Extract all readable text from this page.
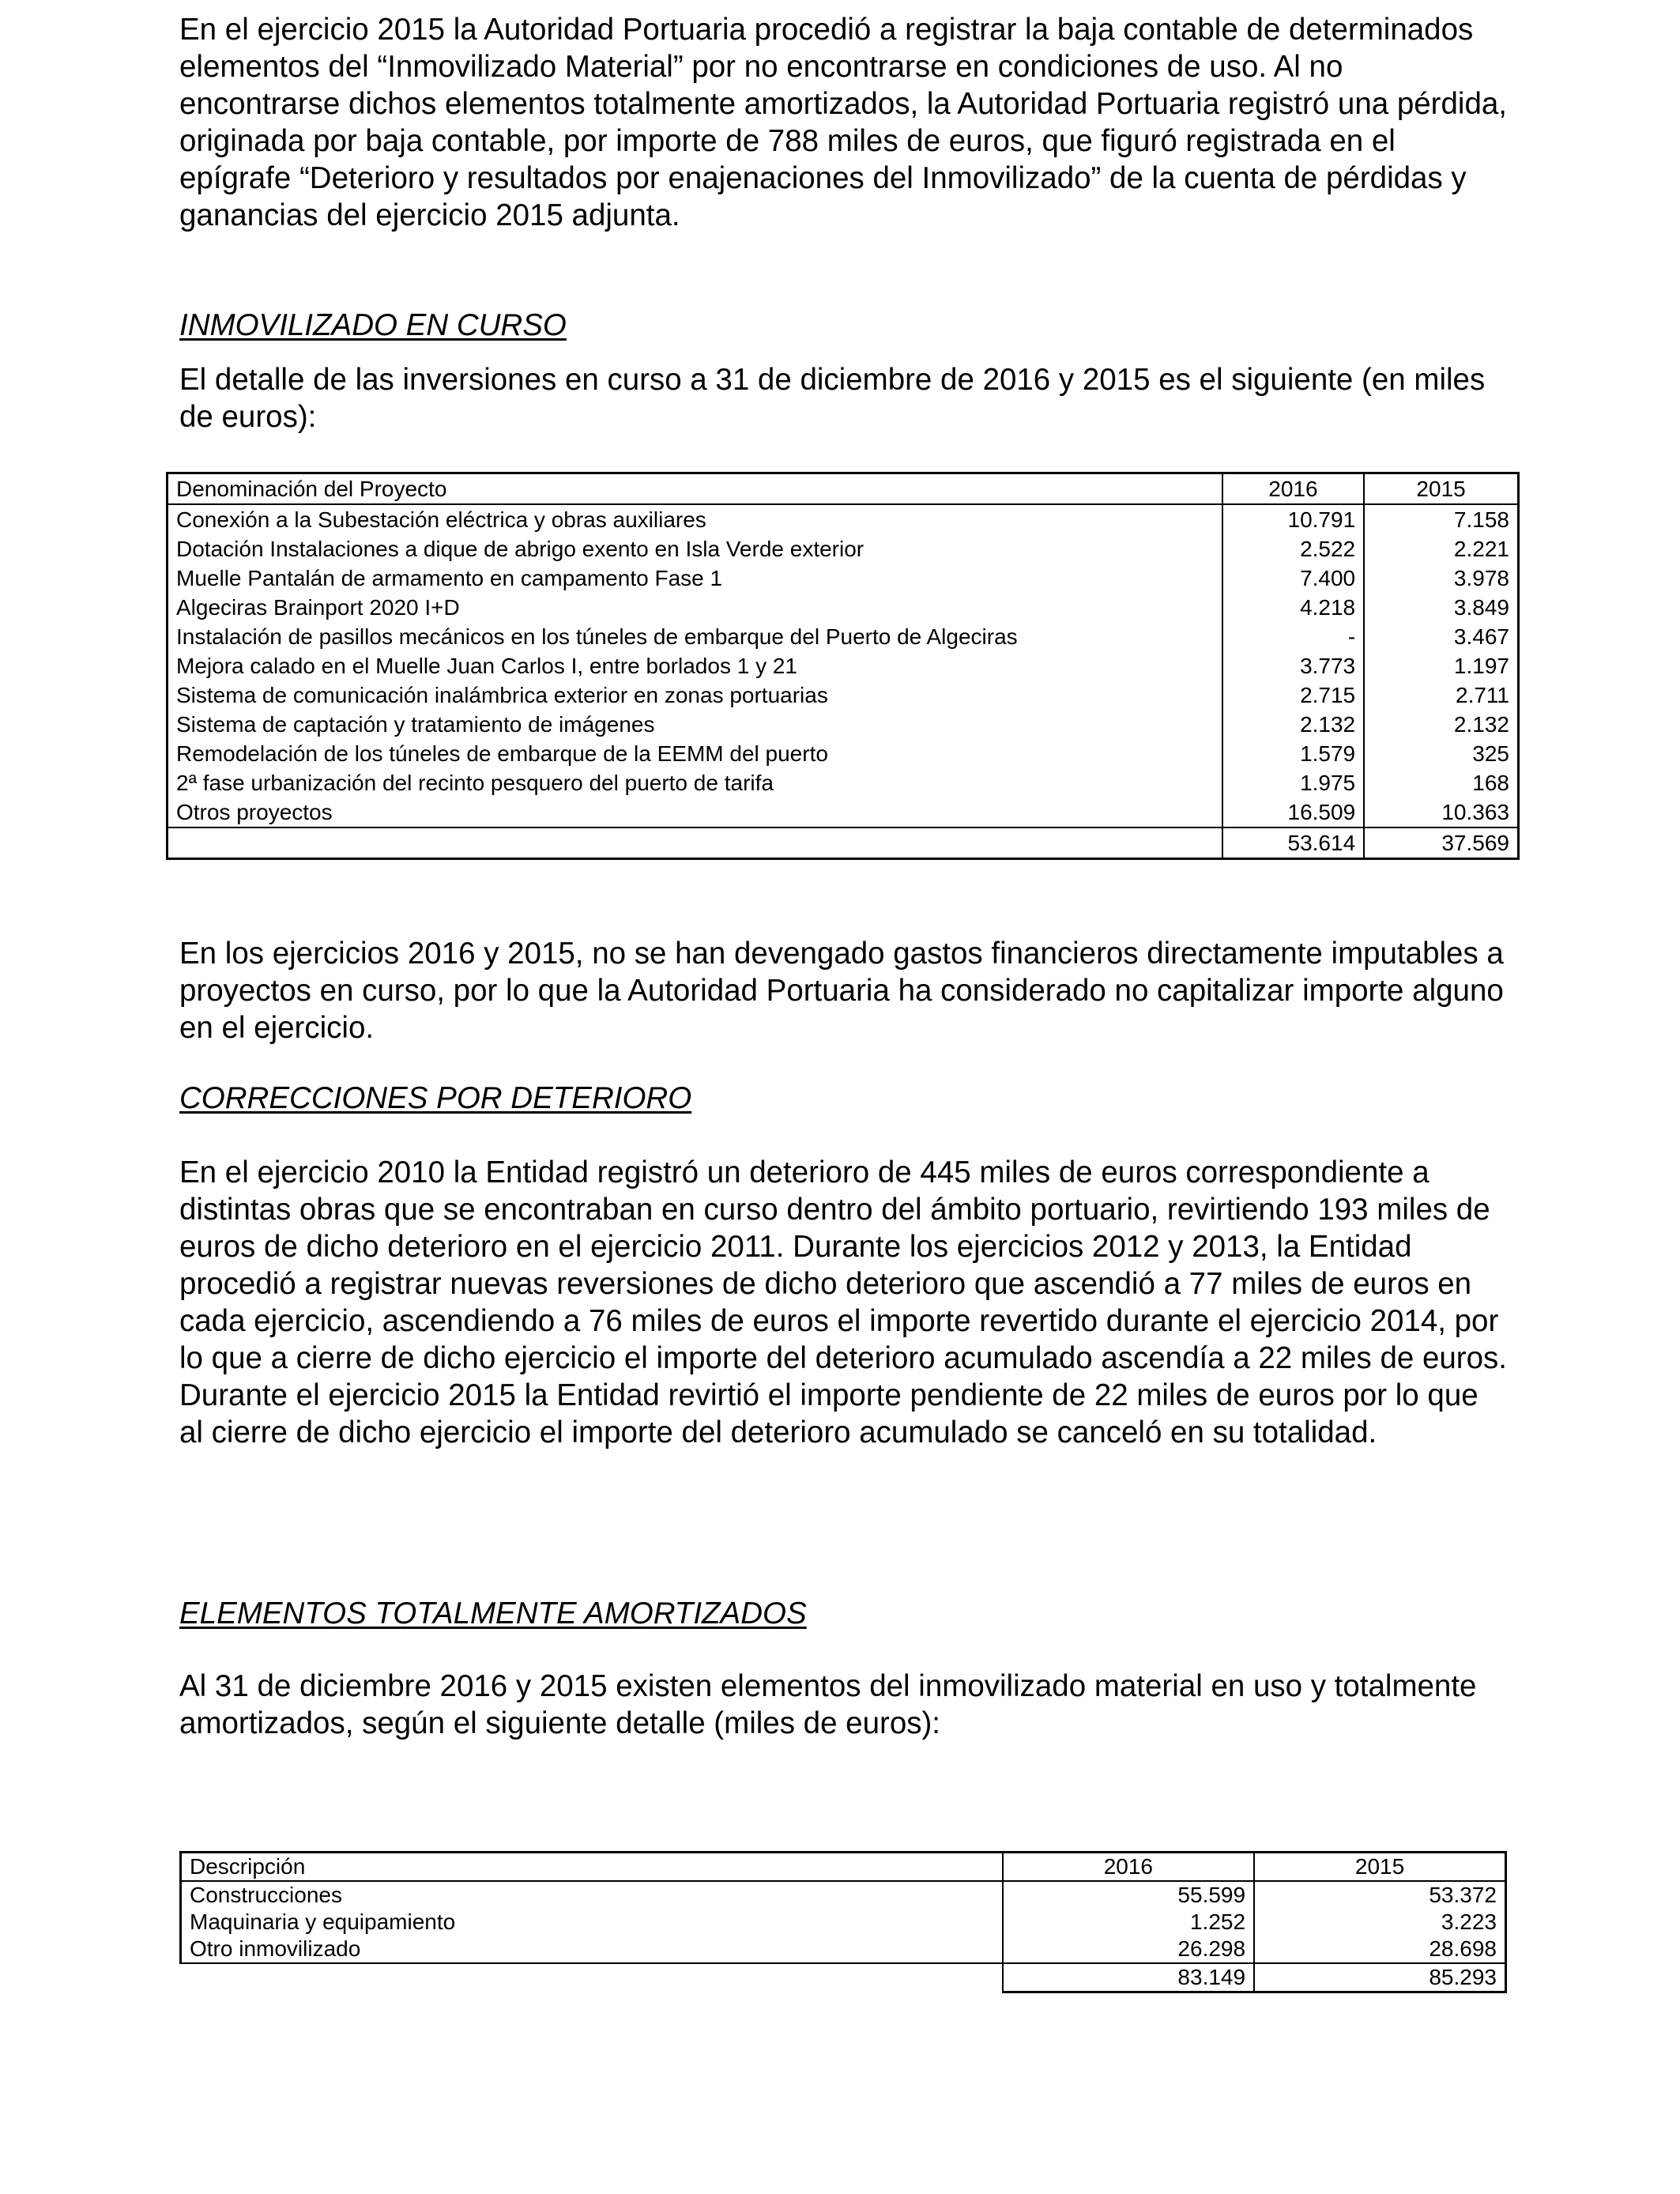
En el ejercicio 2015 la Autoridad Portuaria procedió a registrar la baja contable de determinados elementos del “Inmovilizado Material” por no encontrarse en condiciones de uso. Al no encontrarse dichos elementos totalmente amortizados, la Autoridad Portuaria registró una pérdida, originada por baja contable, por importe de 788 miles de euros, que figuró registrada en el epígrafe “Deterioro y resultados por enajenaciones del Inmovilizado” de la cuenta de pérdidas y ganancias del ejercicio 2015 adjunta.

INMOVILIZADO EN CURSO

El detalle de las inversiones en curso a 31 de diciembre de 2016 y 2015 es el siguiente (en miles de euros):

Denominación del Proyecto	2016	2015
Conexión a la Subestación eléctrica y obras auxiliares	10.791	7.158
Dotación Instalaciones a dique de abrigo exento en Isla Verde exterior	2.522	2.221
Muelle Pantalán de armamento en campamento Fase 1	7.400	3.978
Algeciras Brainport 2020 I+D	4.218	3.849
Instalación de pasillos mecánicos en los túneles de embarque del Puerto de Algeciras	-	3.467
Mejora calado en el Muelle Juan Carlos I, entre borlados 1 y 21	3.773	1.197
Sistema de comunicación inalámbrica exterior en zonas portuarias	2.715	2.711
Sistema de captación y tratamiento de imágenes	2.132	2.132
Remodelación de los túneles de embarque de la EEMM del puerto	1.579	325
2ª fase urbanización del recinto pesquero del puerto de tarifa	1.975	168
Otros proyectos	16.509	10.363
	53.614	37.569

En los ejercicios 2016 y 2015, no se han devengado gastos financieros directamente imputables a proyectos en curso, por lo que la Autoridad Portuaria ha considerado no capitalizar importe alguno en el ejercicio.

CORRECCIONES POR DETERIORO

En el ejercicio 2010 la Entidad registró un deterioro de 445 miles de euros correspondiente a distintas obras que se encontraban en curso dentro del ámbito portuario, revirtiendo 193 miles de euros de dicho deterioro en el ejercicio 2011. Durante los ejercicios 2012 y 2013, la Entidad procedió a registrar nuevas reversiones de dicho deterioro que ascendió a 77 miles de euros en cada ejercicio, ascendiendo a 76 miles de euros el importe revertido durante el ejercicio 2014, por lo que a cierre de dicho ejercicio el importe del deterioro acumulado ascendía a 22 miles de euros. Durante el ejercicio 2015 la Entidad revirtió el importe pendiente de 22 miles de euros por lo que al cierre de dicho ejercicio el importe del deterioro acumulado se canceló en su totalidad.

ELEMENTOS TOTALMENTE AMORTIZADOS

Al 31 de diciembre 2016 y 2015 existen elementos del inmovilizado material en uso y totalmente amortizados, según el siguiente detalle (miles de euros):

Descripción	2016	2015
Construcciones	55.599	53.372
Maquinaria y equipamiento	1.252	3.223
Otro inmovilizado	26.298	28.698
	83.149	85.293
